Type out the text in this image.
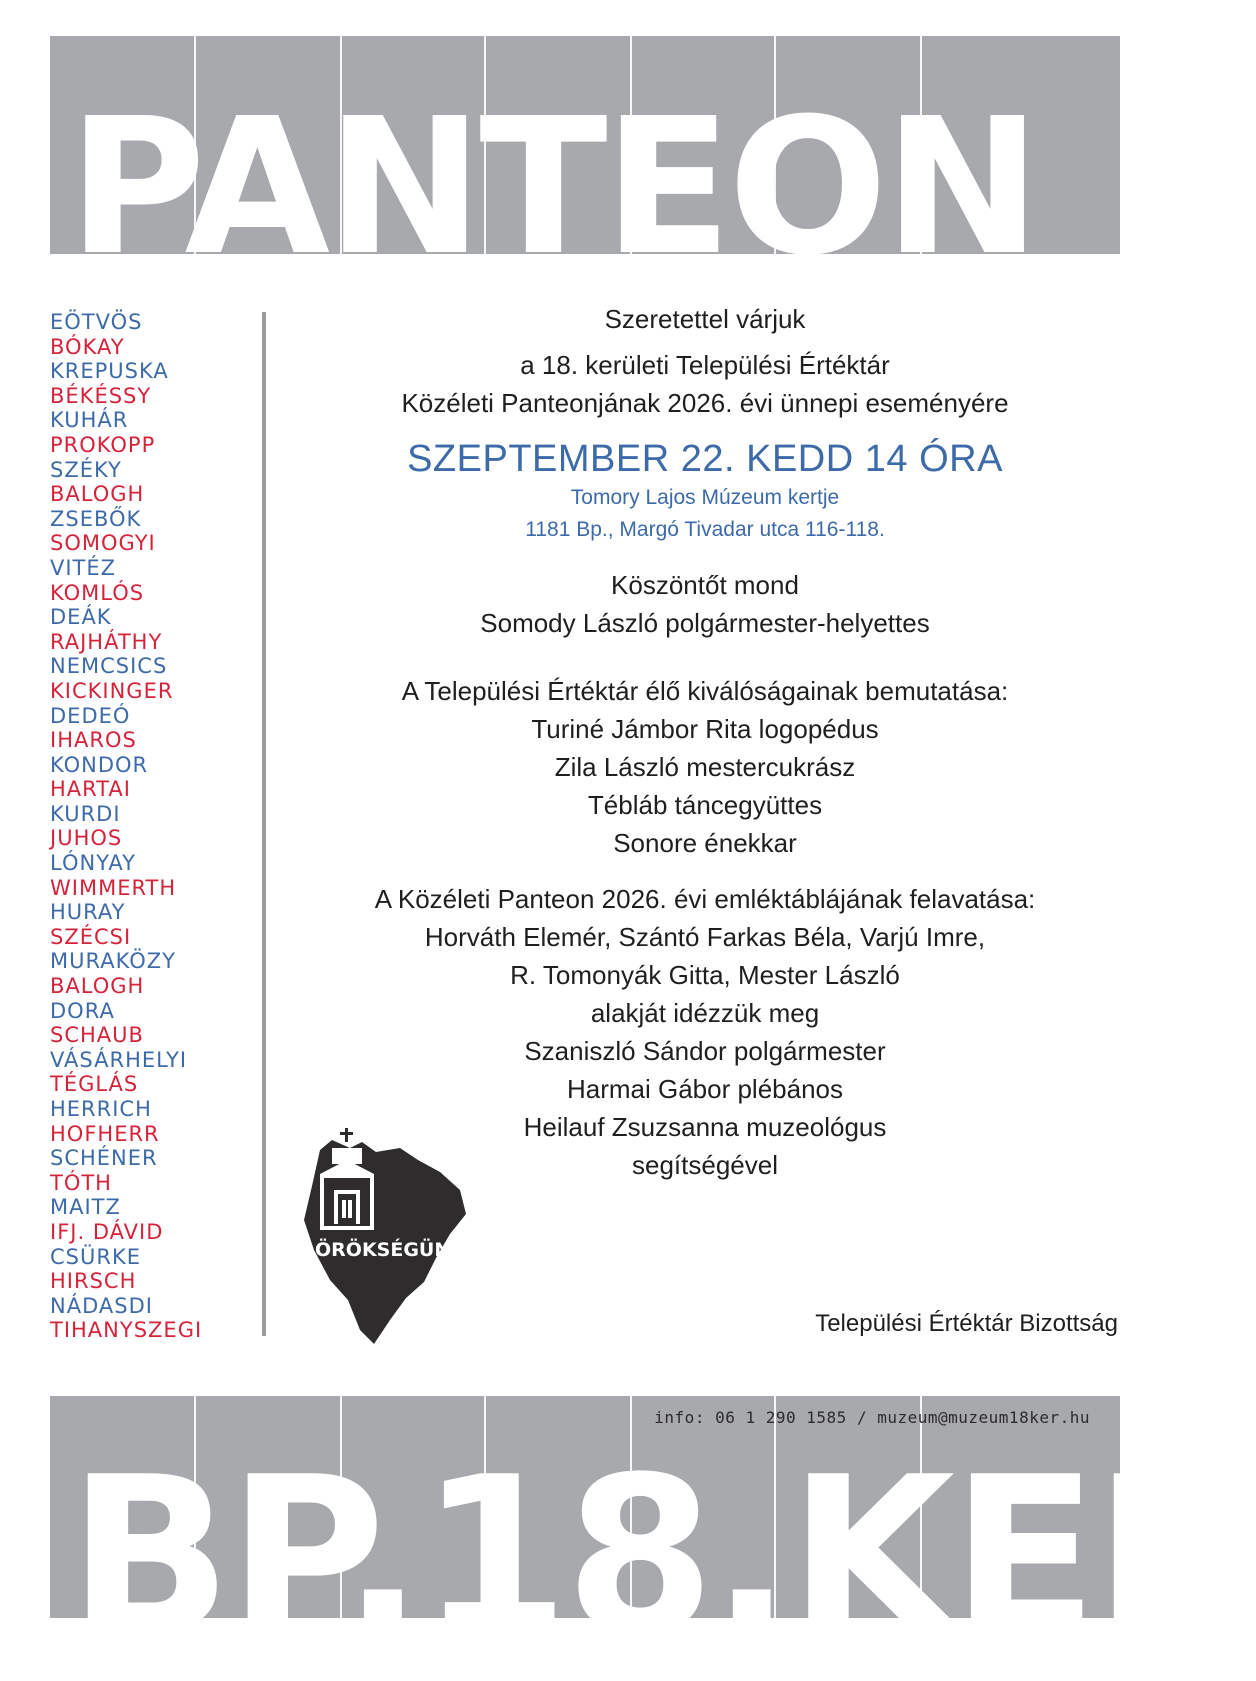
PANTEON
EÖTVÖS
BÓKAY
KREPUSKA
BÉKÉSSY
KUHÁR
PROKOPP
SZÉKY
BALOGH
ZSEBŐK
SOMOGYI
VITÉZ
KOMLÓS
DEÁK
RAJHÁTHY
NEMCSICS
KICKINGER
DEDEÓ
IHAROS
KONDOR
HARTAI
KURDI
JUHOS
LÓNYAY
WIMMERTH
HURAY
SZÉCSI
MURAKÖZY
BALOGH
DORA
SCHAUB
VÁSÁRHELYI
TÉGLÁS
HERRICH
HOFHERR
SCHÉNER
TÓTH
MAITZ
IFJ. DÁVID
CSÜRKE
HIRSCH
NÁDASDI
TIHANYSZEGI
Szeretettel várjuk
a 18. kerületi Települési Értéktár
Közéleti Panteonjának 2026. évi ünnepi eseményére
SZEPTEMBER 22. KEDD 14 ÓRA
Tomory Lajos Múzeum kertje
1181 Bp., Margó Tivadar utca 116-118.
Köszöntőt mond
Somody László polgármester-helyettes
A Települési Értéktár élő kiválóságainak bemutatása:
Turiné Jámbor Rita logopédus
Zila László mestercukrász
Tébláb táncegyüttes
Sonore énekkar
A Közéleti Panteon 2026. évi emléktáblájának felavatása:
Horváth Elemér, Szántó Farkas Béla, Varjú Imre,
R. Tomonyák Gitta, Mester László
alakját idézzük meg
Szaniszló Sándor polgármester
Harmai Gábor plébános
Heilauf Zsuzsanna muzeológus
segítségével
ÖRÖKSÉGÜNK
Települési Értéktár Bizottság
info: 06 1 290 1585 / muzeum@muzeum18ker.hu
BP.18.KER
